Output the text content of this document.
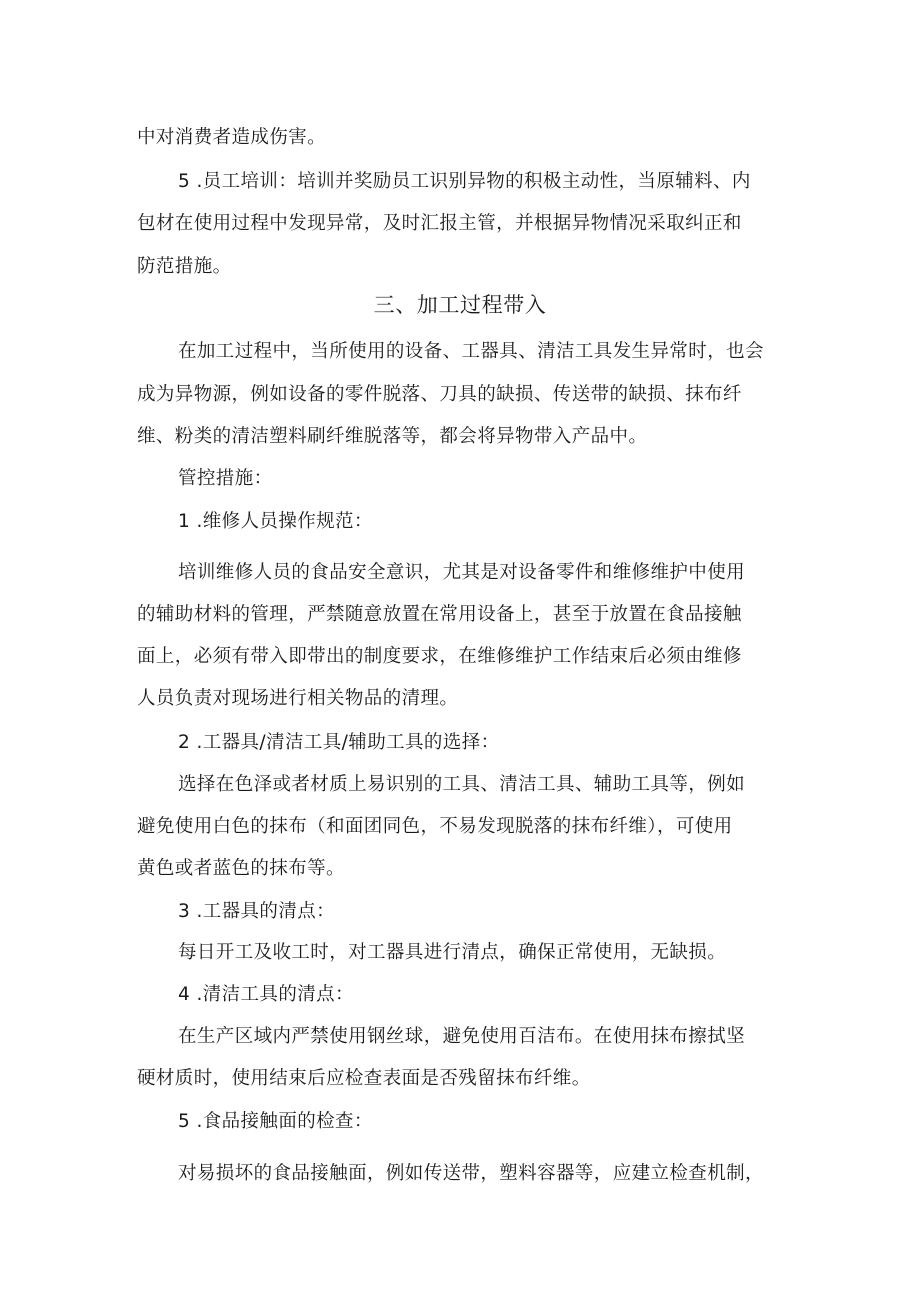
中对消费者造成伤害。
5 .员工培训：培训并奖励员工识别异物的积极主动性，当原辅料、内
包材在使用过程中发现异常，及时汇报主管，并根据异物情况采取纠正和
防范措施。
三、加工过程带入
在加工过程中，当所使用的设备、工器具、清洁工具发生异常时，也会
成为异物源，例如设备的零件脱落、刀具的缺损、传送带的缺损、抹布纤
维、粉类的清洁塑料刷纤维脱落等，都会将异物带入产品中。
管控措施：
1 .维修人员操作规范：
培训维修人员的食品安全意识，尤其是对设备零件和维修维护中使用
的辅助材料的管理，严禁随意放置在常用设备上，甚至于放置在食品接触
面上，必须有带入即带出的制度要求，在维修维护工作结束后必须由维修
人员负责对现场进行相关物品的清理。
2 .工器具/清洁工具/辅助工具的选择：
选择在色泽或者材质上易识别的工具、清洁工具、辅助工具等，例如
避免使用白色的抹布（和面团同色，不易发现脱落的抹布纤维），可使用
黄色或者蓝色的抹布等。
3 .工器具的清点：
每日开工及收工时，对工器具进行清点，确保正常使用，无缺损。
4 .清洁工具的清点：
在生产区域内严禁使用钢丝球，避免使用百洁布。在使用抹布擦拭坚
硬材质时，使用结束后应检查表面是否残留抹布纤维。
5 .食品接触面的检查：
对易损坏的食品接触面，例如传送带，塑料容器等，应建立检查机制，
